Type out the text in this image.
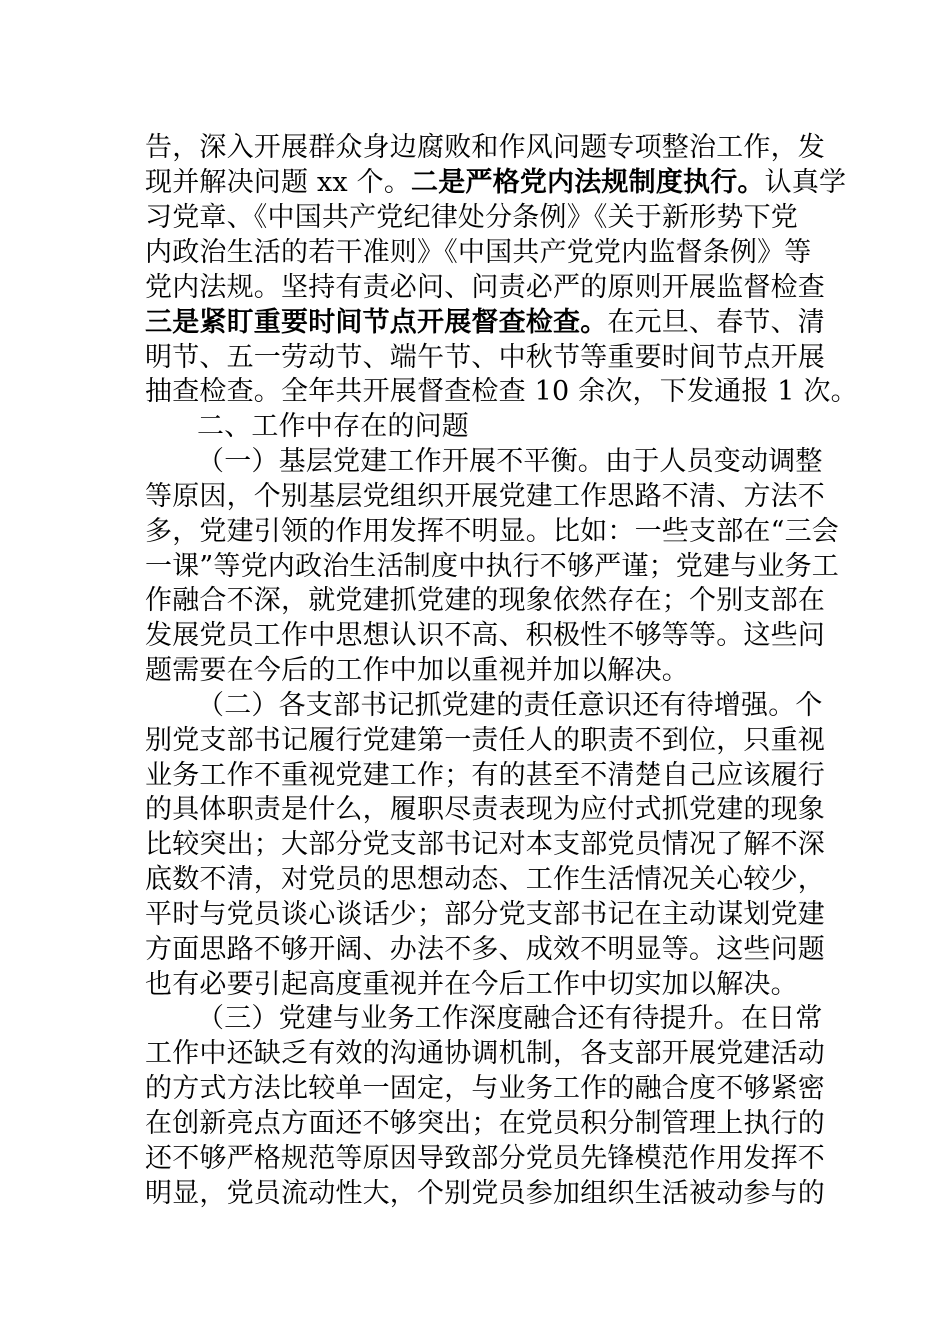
告，深入开展群众身边腐败和作风问题专项整治工作，发
现并解决问题 xx 个。二是严格党内法规制度执行。认真学
习党章、《中国共产党纪律处分条例》《关于新形势下党
内政治生活的若干准则》《中国共产党党内监督条例》等
党内法规。坚持有责必问、问责必严的原则开展监督检查
三是紧盯重要时间节点开展督查检查。在元旦、春节、清
明节、五一劳动节、端午节、中秋节等重要时间节点开展
抽查检查。全年共开展督查检查 10 余次，下发通报 1 次。
二、工作中存在的问题
（一）基层党建工作开展不平衡。由于人员变动调整
等原因，个别基层党组织开展党建工作思路不清、方法不
多，党建引领的作用发挥不明显。比如：一些支部在“三会
一课”等党内政治生活制度中执行不够严谨；党建与业务工
作融合不深，就党建抓党建的现象依然存在；个别支部在
发展党员工作中思想认识不高、积极性不够等等。这些问
题需要在今后的工作中加以重视并加以解决。
（二）各支部书记抓党建的责任意识还有待增强。个
别党支部书记履行党建第一责任人的职责不到位，只重视
业务工作不重视党建工作；有的甚至不清楚自己应该履行
的具体职责是什么，履职尽责表现为应付式抓党建的现象
比较突出；大部分党支部书记对本支部党员情况了解不深
底数不清，对党员的思想动态、工作生活情况关心较少，
平时与党员谈心谈话少；部分党支部书记在主动谋划党建
方面思路不够开阔、办法不多、成效不明显等。这些问题
也有必要引起高度重视并在今后工作中切实加以解决。
（三）党建与业务工作深度融合还有待提升。在日常
工作中还缺乏有效的沟通协调机制，各支部开展党建活动
的方式方法比较单一固定，与业务工作的融合度不够紧密
在创新亮点方面还不够突出；在党员积分制管理上执行的
还不够严格规范等原因导致部分党员先锋模范作用发挥不
明显，党员流动性大，个别党员参加组织生活被动参与的
